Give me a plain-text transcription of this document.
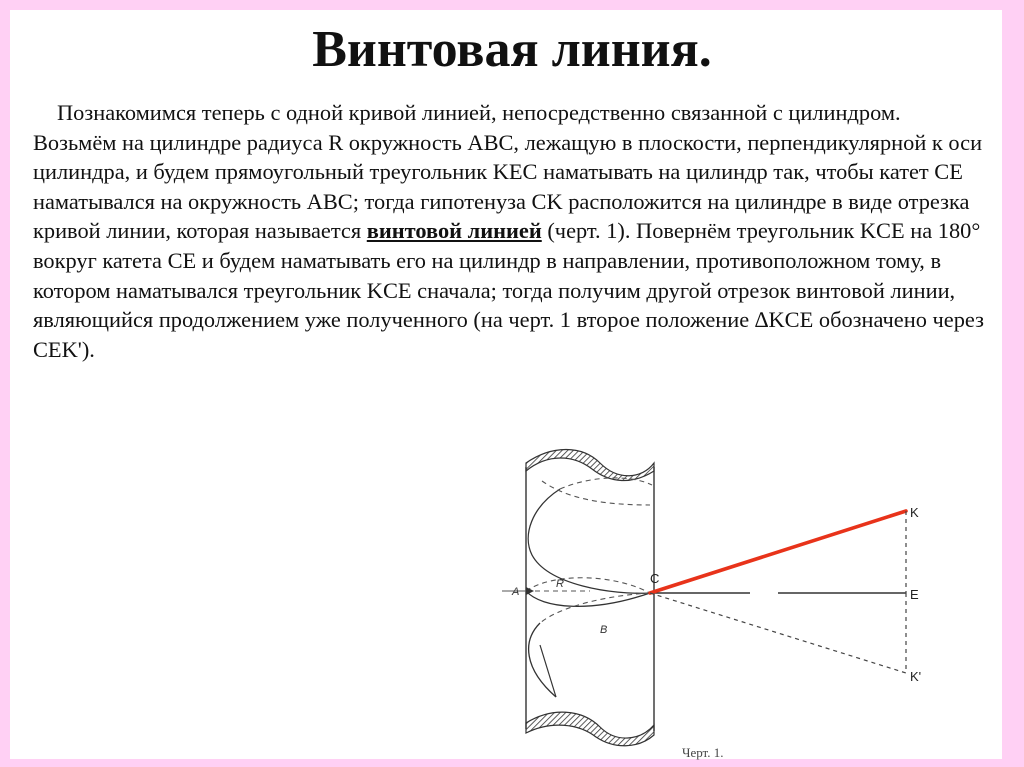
Винтовая линия.

Познакомимся теперь с одной кривой линией, непосредственно связанной с цилиндром. Возьмём на цилиндре радиуса R окружность ABC, лежащую в плоскости, перпендикулярной к оси цилиндра, и будем прямоугольный треугольник KEC наматывать на цилиндр так, чтобы катет CE наматывался на окружность ABC; тогда гипотенуза CK расположится на цилиндре в виде отрезка кривой линии, которая называется винтовой линией (черт. 1). Повернём треугольник KCE на 180° вокруг катета CE и будем наматывать его на цилиндр в направлении, противоположном тому, в котором наматывался треугольник KCE сначала; тогда получим другой отрезок винтовой линии, являющийся продолжением уже полученного (на черт. 1 второе положение ∆KCE обозначено через CEK').

K
C
E
K'
A
R
B
Черт. 1.
